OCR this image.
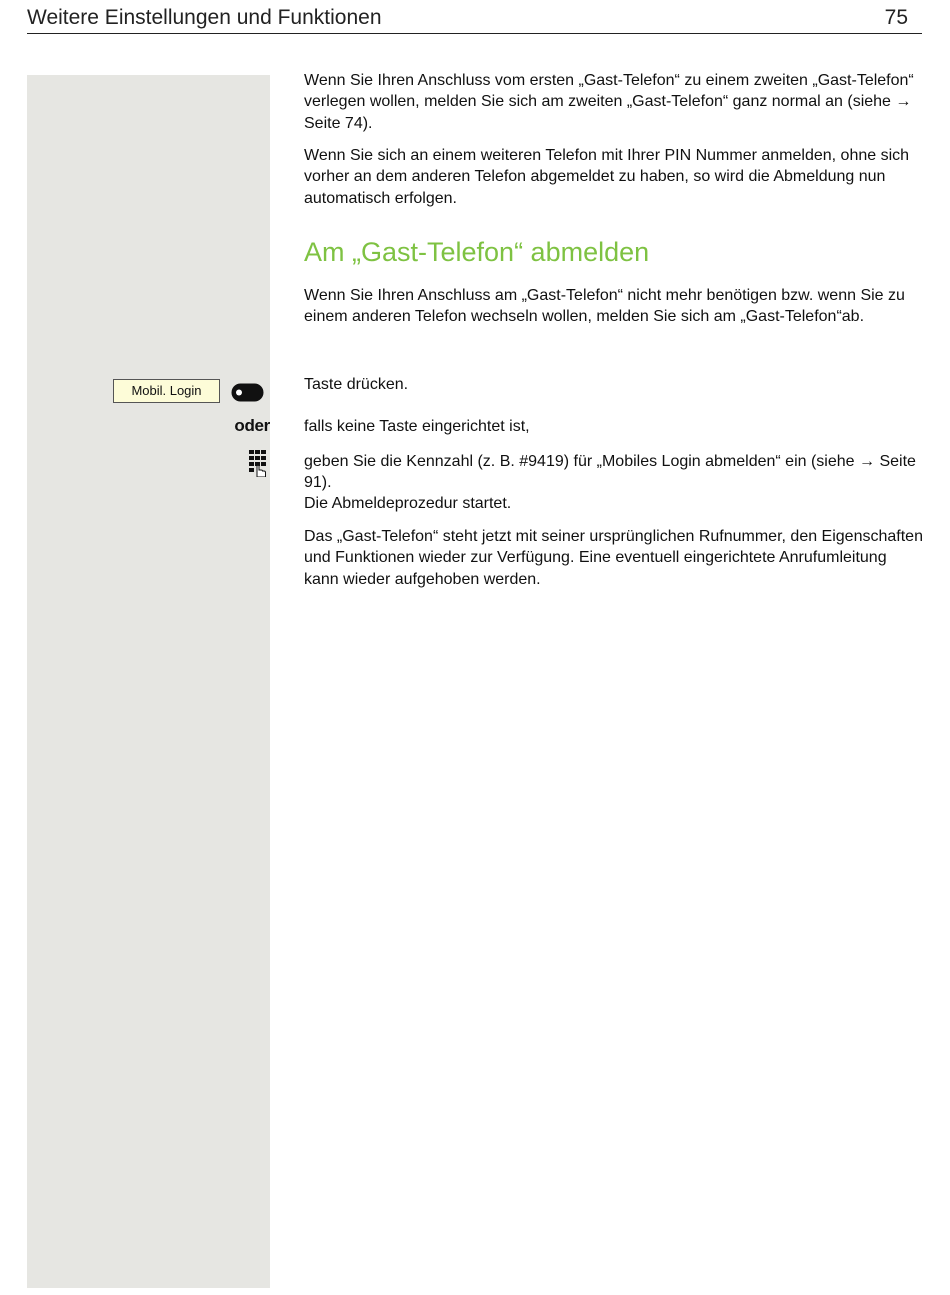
Weitere Einstellungen und Funktionen	75
Mobil. Login
oder

Wenn Sie Ihren Anschluss vom ersten „Gast-Telefon“ zu einem zweiten „Gast-Telefon“ verlegen wollen, melden Sie sich am zweiten „Gast-Telefon“ ganz normal an (siehe → Seite 74).

Wenn Sie sich an einem weiteren Telefon mit Ihrer PIN Nummer anmelden, ohne sich vorher an dem anderen Telefon abgemeldet zu haben, so wird die Abmeldung nun automatisch erfolgen.

Am „Gast-Telefon“ abmelden

Wenn Sie Ihren Anschluss am „Gast-Telefon“ nicht mehr benötigen bzw. wenn Sie zu einem anderen Telefon wechseln wollen, melden Sie sich am „Gast-Telefon“ab.

Taste drücken.

falls keine Taste eingerichtet ist,

geben Sie die Kennzahl (z. B. #9419) für „Mobiles Login abmelden“ ein (siehe → Seite 91).

Die Abmeldeprozedur startet.

Das „Gast-Telefon“ steht jetzt mit seiner ursprünglichen Rufnummer, den Eigenschaften und Funktionen wieder zur Verfügung. Eine eventuell eingerichtete Anrufumleitung kann wieder aufgehoben werden.
